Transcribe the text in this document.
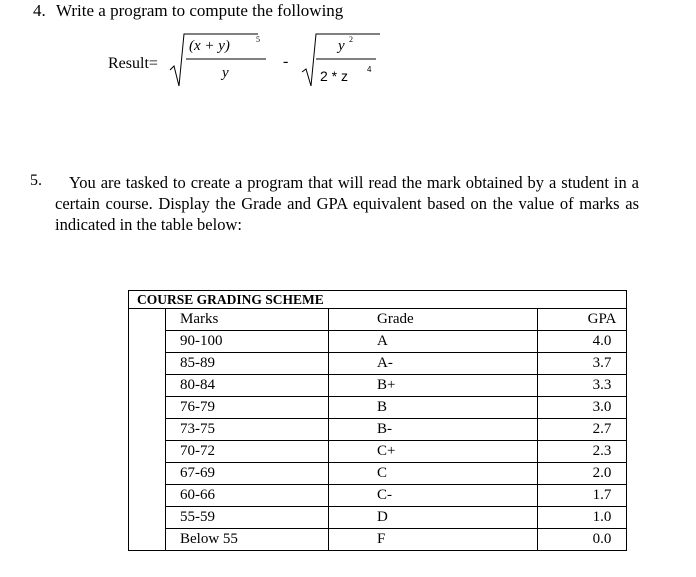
4. Write a program to compute the following
Result=
(x + y)	5
y
-
y 2
2 * z 4
5.	You are tasked to create a program that will read the mark obtained by a student in a certain course. Display the Grade and GPA equivalent based on the value of marks as indicated in the table below:
COURSE GRADING SCHEME			
	Marks	Grade	GPA
	90-100	A	4.0
	85-89	A-	3.7
	80-84	B+	3.3
	76-79	B	3.0
	73-75	B-	2.7
	70-72	C+	2.3
	67-69	C	2.0
	60-66	C-	1.7
	55-59	D	1.0
	Below 55	F	0.0
